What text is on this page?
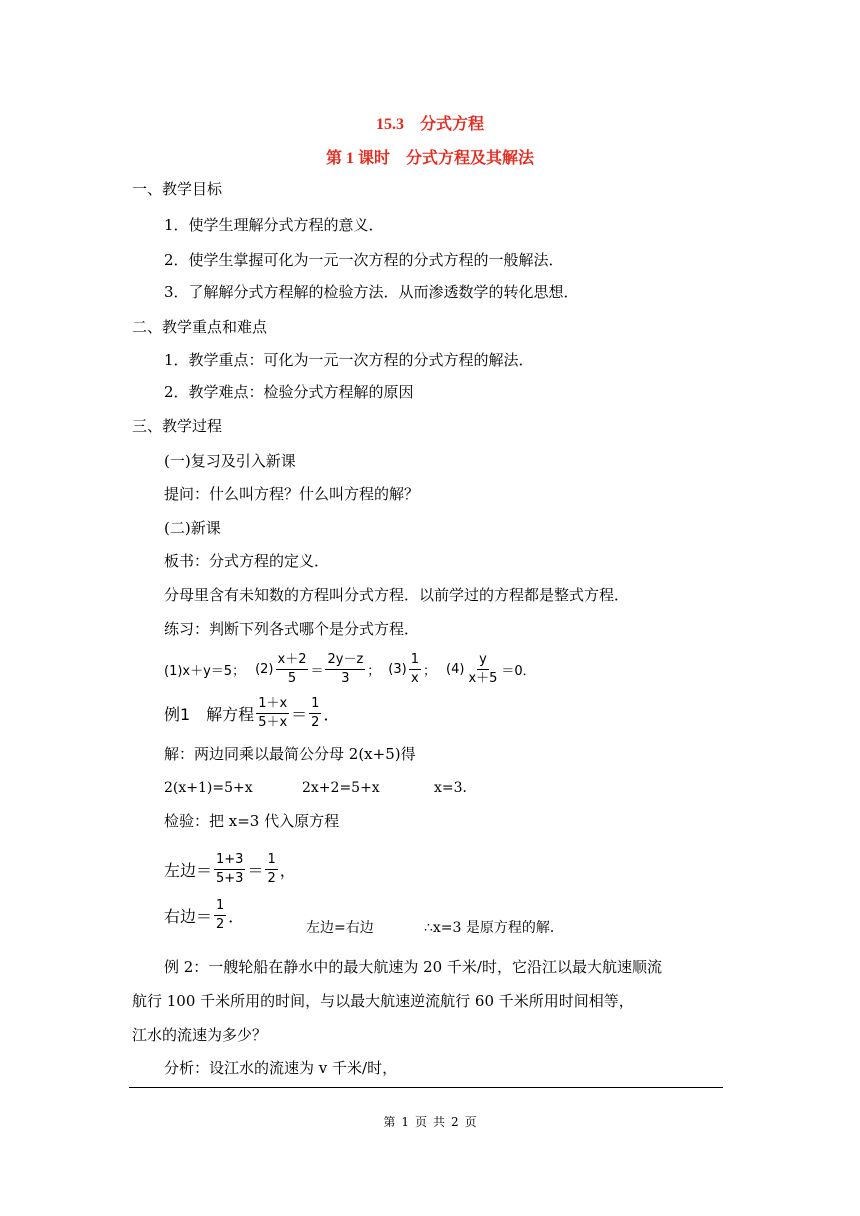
15.3　分式方程
第 1 课时　分式方程及其解法
一、教学目标
1．使学生理解分式方程的意义．
2．使学生掌握可化为一元一次方程的分式方程的一般解法．
3．了解解分式方程解的检验方法．从而渗透数学的转化思想．
二、教学重点和难点
1．教学重点：可化为一元一次方程的分式方程的解法．
2．教学难点：检验分式方程解的原因
三、教学过程
(一)复习及引入新课
提问：什么叫方程？什么叫方程的解？
(二)新课
板书：分式方程的定义．
分母里含有未知数的方程叫分式方程．以前学过的方程都是整式方程．
练习：判断下列各式哪个是分式方程．
(1)x＋y＝5； $(2) \frac{x+2}{5} = \frac{2y-z}{3}$ ； $(3) \frac{1}{x}$ ； $(4) \frac{y}{x+5} =0$．
例1　解方程 $\frac{1+x}{5+x} = \frac{1}{2}$ ．
解：两边同乘以最简公分母 2(x+5)得
2(x+1)=5+x	2x+2=5+x	x=3．
检验：把 x=3 代入原方程
左边＝ $\frac{1+3}{5+3} = \frac{1}{2}$ ，
右边＝ $\frac{1}{2}$ ．
左边=右边	∴x=3 是原方程的解．
例 2：一艘轮船在静水中的最大航速为 20 千米/时，它沿江以最大航速顺流
航行 100 千米所用的时间，与以最大航速逆流航行 60 千米所用时间相等，
江水的流速为多少？
分析：设江水的流速为 v 千米/时，
第 1 页 共 2 页
